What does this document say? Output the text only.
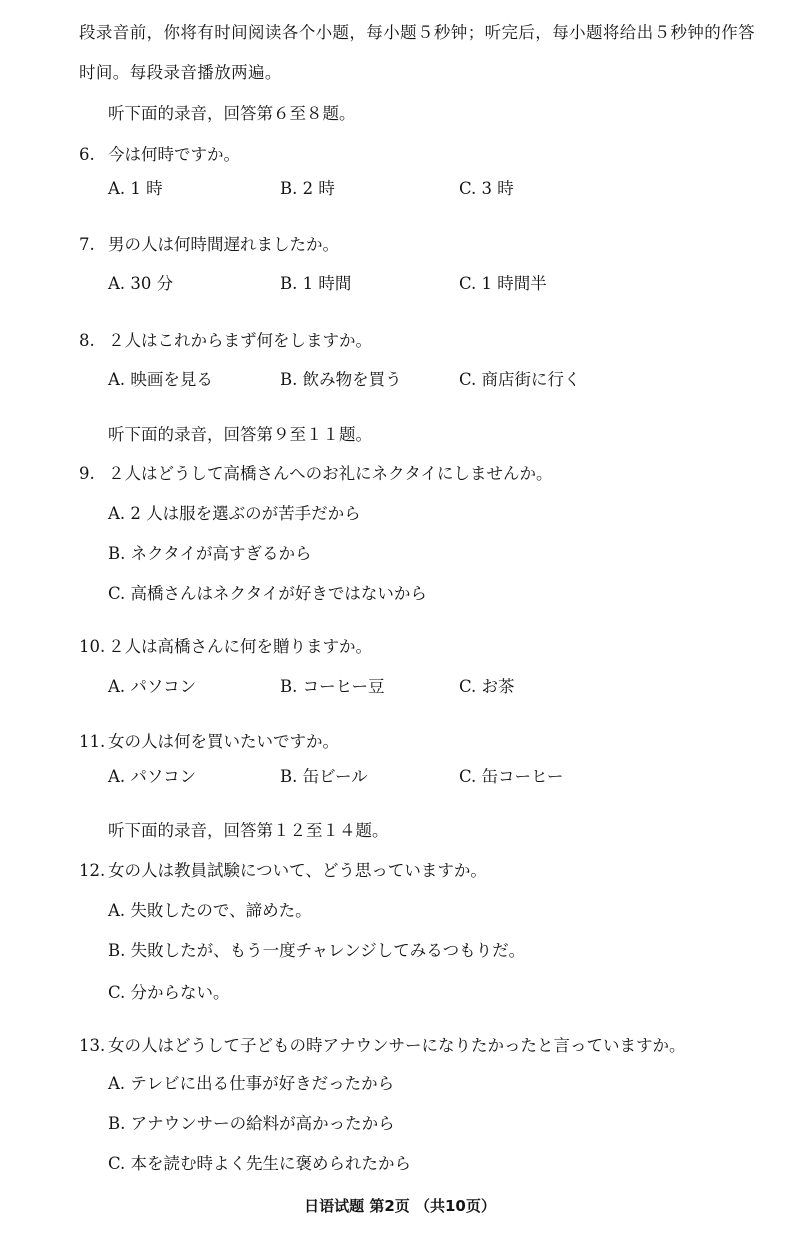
段录音前，你将有时间阅读各个小题，每小题５秒钟；听完后，每小题将给出５秒钟的作答
时间。每段录音播放两遍。
听下面的录音，回答第６至８题。
6. 今は何時ですか。
A. 1 時	B. 2 時	C. 3 時
7. 男の人は何時間遅れましたか。
A. 30 分	B. 1 時間	C. 1 時間半
8. ２人はこれからまず何をしますか。
A. 映画を見る	B. 飲み物を買う	C. 商店街に行く
听下面的录音，回答第９至１１题。
9. ２人はどうして高橋さんへのお礼にネクタイにしませんか。
A. 2 人は服を選ぶのが苦手だから
B. ネクタイが高すぎるから
C. 高橋さんはネクタイが好きではないから
10. ２人は高橋さんに何を贈りますか。
A. パソコン	B. コーヒー豆	C. お茶
11. 女の人は何を買いたいですか。
A. パソコン	B. 缶ビール	C. 缶コーヒー
听下面的录音，回答第１２至１４题。
12. 女の人は教員試験について、どう思っていますか。
A. 失敗したので、諦めた。
B. 失敗したが、もう一度チャレンジしてみるつもりだ。
C. 分からない。
13. 女の人はどうして子どもの時アナウンサーになりたかったと言っていますか。
A. テレビに出る仕事が好きだったから
B. アナウンサーの給料が高かったから
C. 本を読む時よく先生に褒められたから
日语试题 第2页 （共10页）
